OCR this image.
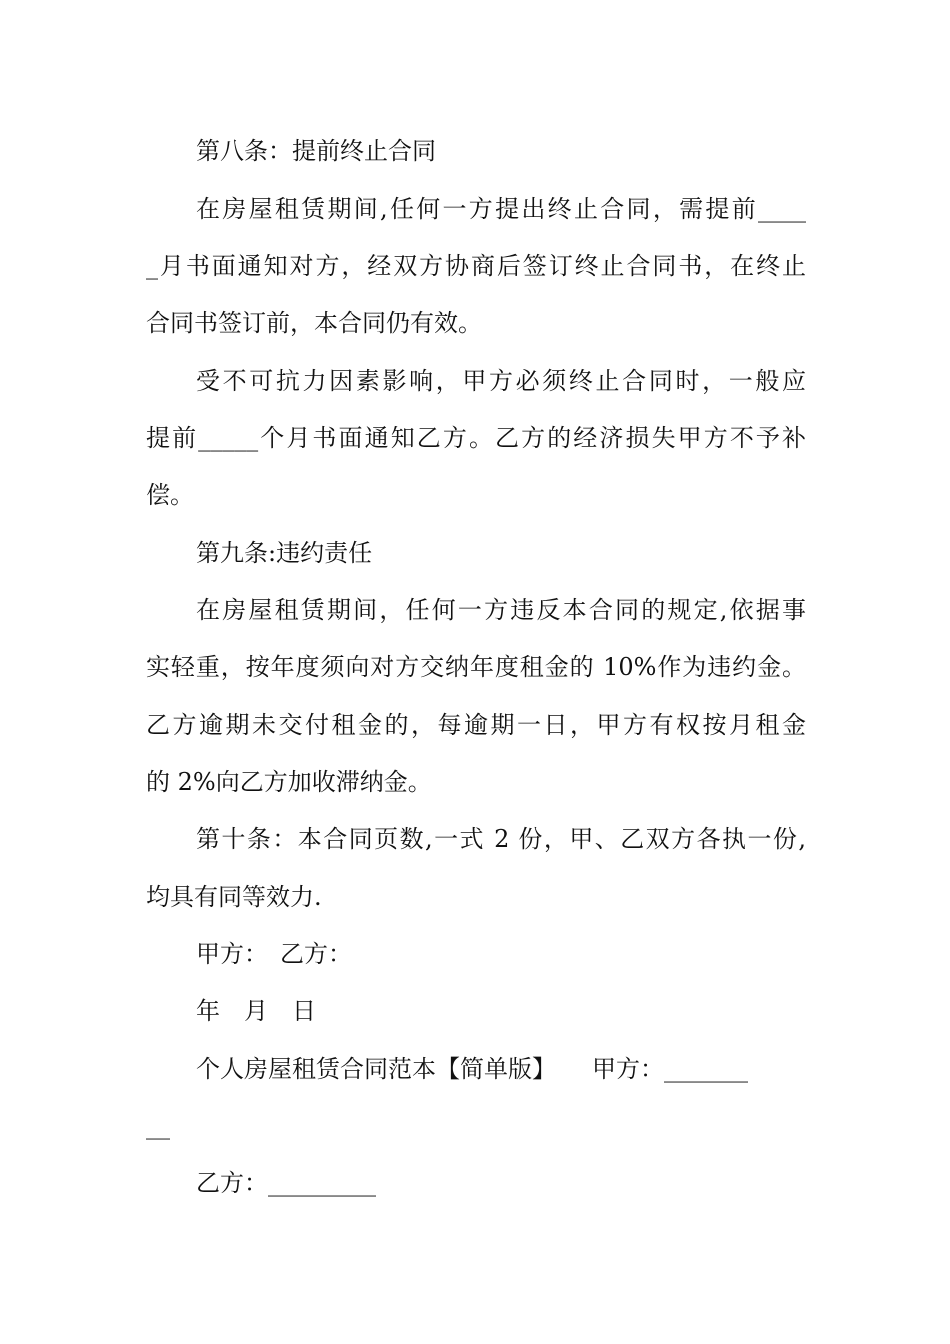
第八条：提前终止合同
在房屋租赁期间,任何一方提出终止合同，需提前____
_月书面通知对方，经双方协商后签订终止合同书，在终止
合同书签订前，本合同仍有效。
受不可抗力因素影响，甲方必须终止合同时，一般应
提前_____个月书面通知乙方。乙方的经济损失甲方不予补
偿。
第九条:违约责任
在房屋租赁期间，任何一方违反本合同的规定,依据事
实轻重，按年度须向对方交纳年度租金的 10%作为违约金。
乙方逾期未交付租金的，每逾期一日，甲方有权按月租金
的 2%向乙方加收滞纳金。
第十条：本合同页数,一式 2 份，甲、乙双方各执一份,
均具有同等效力.
甲方：　乙方：
年　月　日
个人房屋租赁合同范本【简单版】　　甲方：_______
__
乙方：_________
